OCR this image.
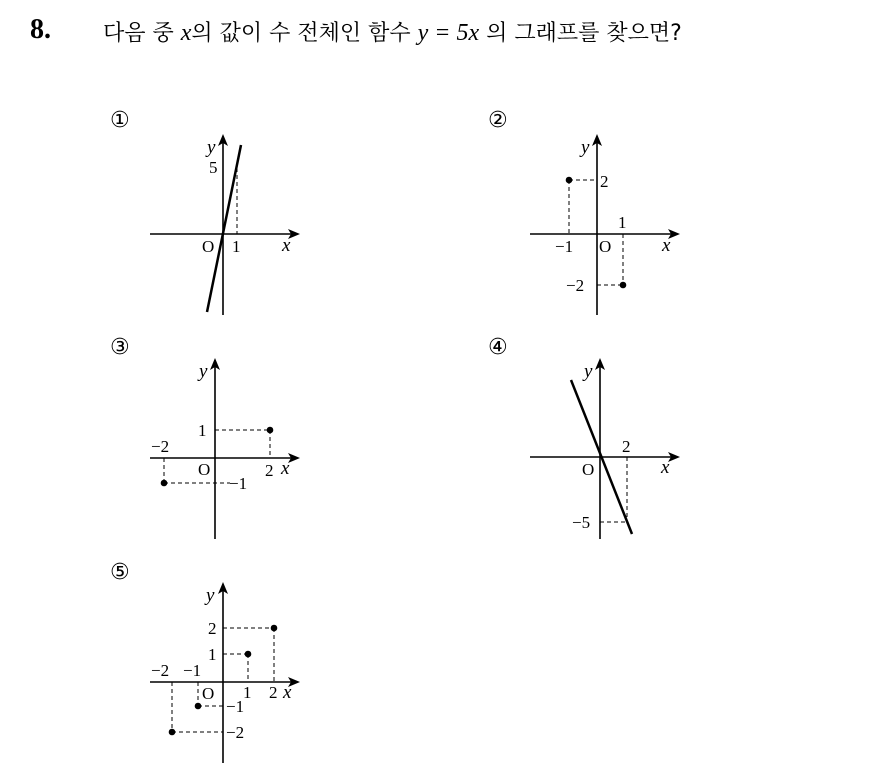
8. 다음 중 x의 값이 수 전체인 함수 y = 5x 의 그래프를 찾으면?
①
y
x
O
5
1
②
y
x
O
2
−1
1
−2
③
y
x
O
1
−2
2
−1
④
y
x
O
2
−5
⑤
y
x
O
2
1
−2 −1
1 2
−1
−2
